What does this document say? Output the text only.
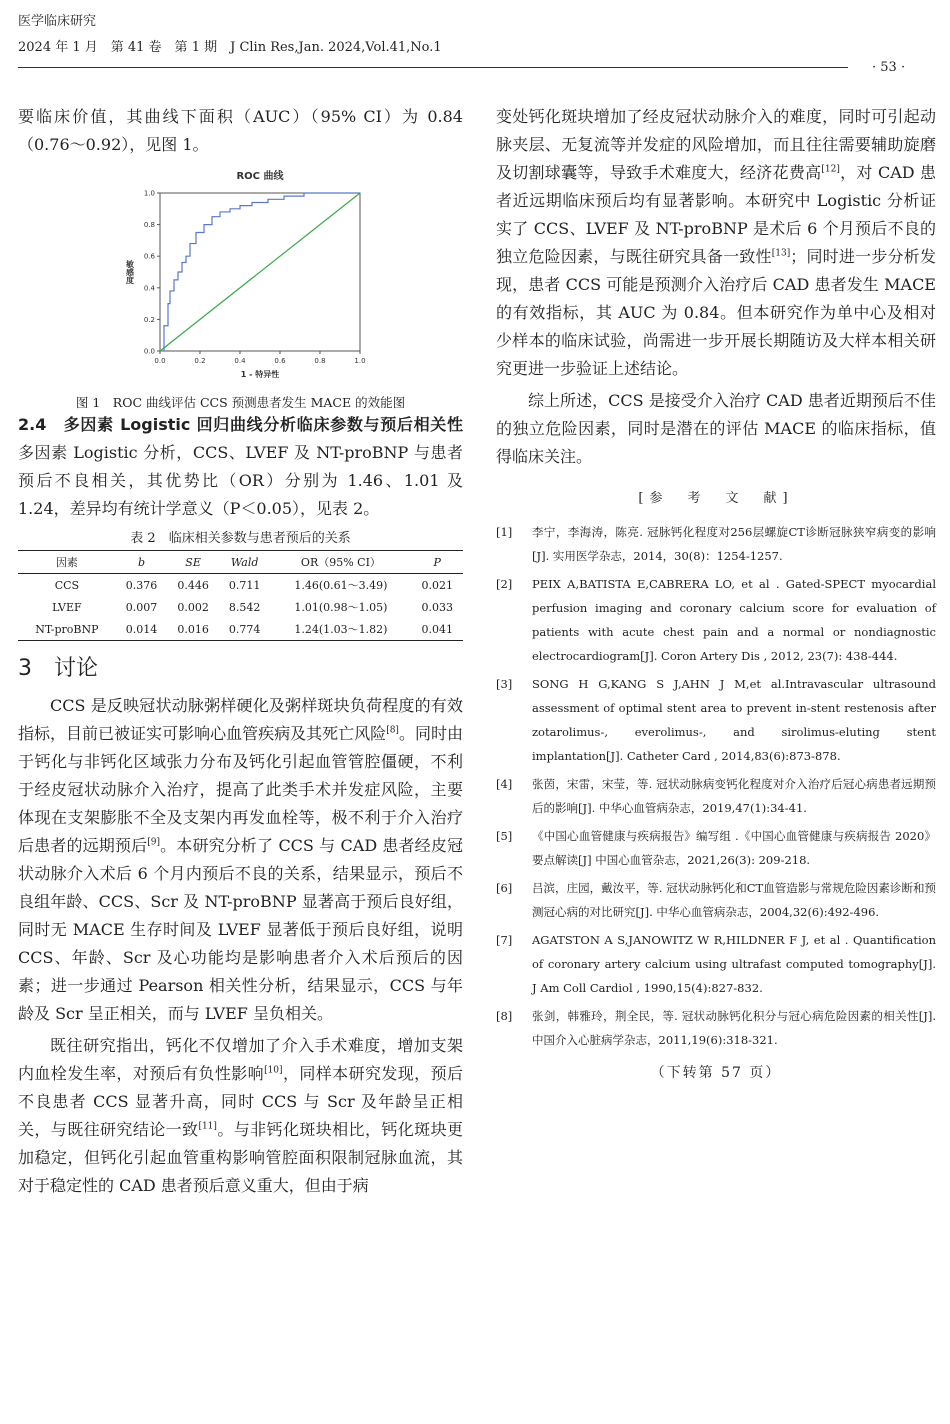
医学临床研究
2024 年 1 月　第 41 卷　第 1 期　J Clin Res,Jan. 2024,Vol.41,No.1
· 53 ·

要临床价值，其曲线下面积（AUC）（95% CI）为 0.84（0.76～0.92），见图 1。

ROC 曲线
0.0	0.2	0.4	0.6	0.8	1.0
0.0
0.2
0.4
0.6
0.8
1.0
1 - 特异性
敏感度
图 1　ROC 曲线评估 CCS 预测患者发生 MACE 的效能图

2.4　多因素 Logistic 回归曲线分析临床参数与预后相关性　多因素 Logistic 分析，CCS、LVEF 及 NT-proBNP 与患者预后不良相关，其优势比（OR）分别为 1.46、1.01 及 1.24，差异均有统计学意义（P＜0.05），见表 2。

表 2　临床相关参数与患者预后的关系
因素	b	SE	Wald	OR（95% CI）	P
CCS	0.376	0.446	0.711	1.46(0.61～3.49)	0.021
LVEF	0.007	0.002	8.542	1.01(0.98～1.05)	0.033
NT-proBNP	0.014	0.016	0.774	1.24(1.03～1.82)	0.041
3　讨论

CCS 是反映冠状动脉粥样硬化及粥样斑块负荷程度的有效指标，目前已被证实可影响心血管疾病及其死亡风险[8]。同时由于钙化与非钙化区域张力分布及钙化引起血管管腔僵硬，不利于经皮冠状动脉介入治疗，提高了此类手术并发症风险，主要体现在支架膨胀不全及支架内再发血栓等，极不利于介入治疗后患者的远期预后[9]。本研究分析了 CCS 与 CAD 患者经皮冠状动脉介入术后 6 个月内预后不良的关系，结果显示，预后不良组年龄、CCS、Scr 及 NT-proBNP 显著高于预后良好组，同时无 MACE 生存时间及 LVEF 显著低于预后良好组，说明 CCS、年龄、Scr 及心功能均是影响患者介入术后预后的因素；进一步通过 Pearson 相关性分析，结果显示，CCS 与年龄及 Scr 呈正相关，而与 LVEF 呈负相关。

既往研究指出，钙化不仅增加了介入手术难度，增加支架内血栓发生率，对预后有负性影响[10]，同样本研究发现，预后不良患者 CCS 显著升高，同时 CCS 与 Scr 及年龄呈正相关，与既往研究结论一致[11]。与非钙化斑块相比，钙化斑块更加稳定，但钙化引起血管重构影响管腔面积限制冠脉血流，其对于稳定性的 CAD 患者预后意义重大，但由于病

变处钙化斑块增加了经皮冠状动脉介入的难度，同时可引起动脉夹层、无复流等并发症的风险增加，而且往往需要辅助旋磨及切割球囊等，导致手术难度大，经济花费高[12]，对 CAD 患者近远期临床预后均有显著影响。本研究中 Logistic 分析证实了 CCS、LVEF 及 NT-proBNP 是术后 6 个月预后不良的独立危险因素，与既往研究具备一致性[13]；同时进一步分析发现，患者 CCS 可能是预测介入治疗后 CAD 患者发生 MACE 的有效指标，其 AUC 为 0.84。但本研究作为单中心及相对少样本的临床试验，尚需进一步开展长期随访及大样本相关研究更进一步验证上述结论。

综上所述，CCS 是接受介入治疗 CAD 患者近期预后不佳的独立危险因素，同时是潜在的评估 MACE 的临床指标，值得临床关注。

[参　考　文　献]
[1]	李宁，李海涛，陈亮. 冠脉钙化程度对256层螺旋CT诊断冠脉狭窄病变的影响[J]. 实用医学杂志，2014，30(8)：1254-1257.
[2]	PEIX A,BATISTA E,CABRERA LO, et al . Gated-SPECT myocardial perfusion imaging and coronary calcium score for evaluation of patients with acute chest pain and a normal or nondiagnostic electrocardiogram[J]. Coron Artery Dis , 2012, 23(7): 438-444.
[3]	SONG H G,KANG S J,AHN J M,et al.Intravascular ultrasound assessment of optimal stent area to prevent in-stent restenosis after zotarolimus-, everolimus-, and sirolimus-eluting stent implantation[J]. Catheter Card , 2014,83(6):873-878.
[4]	张茵，宋雷，宋莹，等. 冠状动脉病变钙化程度对介入治疗后冠心病患者远期预后的影响[J]. 中华心血管病杂志，2019,47(1):34-41.
[5]	《中国心血管健康与疾病报告》编写组 .《中国心血管健康与疾病报告 2020》要点解读[J] 中国心血管杂志，2021,26(3): 209-218.
[6]	吕滨，庄园，戴汝平，等. 冠状动脉钙化和CT血管造影与常规危险因素诊断和预测冠心病的对比研究[J]. 中华心血管病杂志，2004,32(6):492-496.
[7]	AGATSTON A S,JANOWITZ W R,HILDNER F J, et al . Quantification of coronary artery calcium using ultrafast computed tomography[J]. J Am Coll Cardiol , 1990,15(4):827-832.
[8]	张剑，韩雅玲，荆全民，等. 冠状动脉钙化积分与冠心病危险因素的相关性[J]. 中国介入心脏病学杂志，2011,19(6):318-321.
（下转第 57 页）
